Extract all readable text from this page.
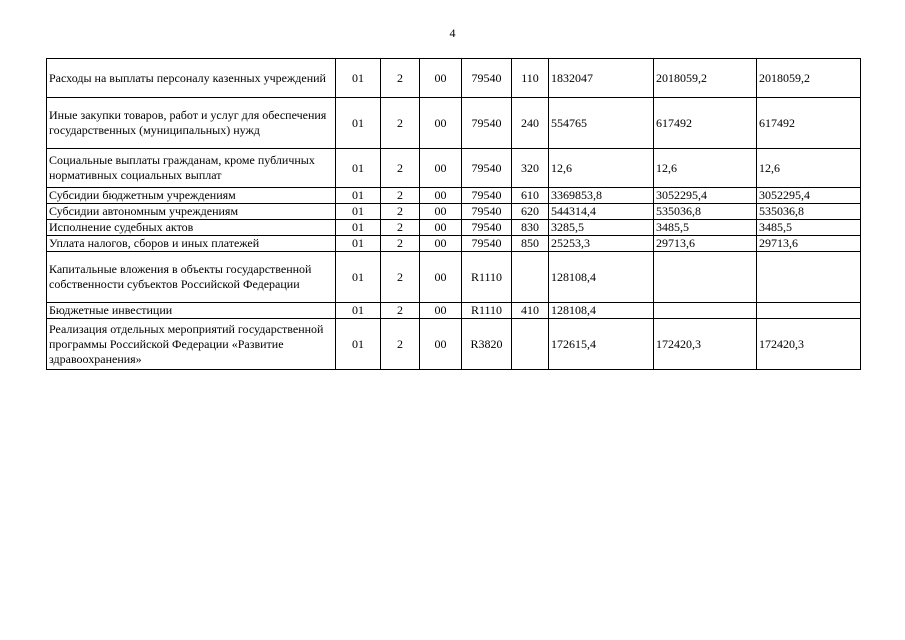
4
Расходы на выплаты персоналу казенных учреждений	01	2	00	79540	110	1832047	2018059,2	2018059,2
Иные закупки товаров, работ и услуг для обеспечения государственных (муниципальных) нужд	01	2	00	79540	240	554765	617492	617492
Социальные выплаты гражданам, кроме публичных нормативных социальных выплат	01	2	00	79540	320	12,6	12,6	12,6
Субсидии бюджетным учреждениям	01	2	00	79540	610	3369853,8	3052295,4	3052295,4
Субсидии автономным учреждениям	01	2	00	79540	620	544314,4	535036,8	535036,8
Исполнение судебных актов	01	2	00	79540	830	3285,5	3485,5	3485,5
Уплата налогов, сборов и иных платежей	01	2	00	79540	850	25253,3	29713,6	29713,6
Капитальные вложения в объекты государственной собственности субъектов Российской Федерации	01	2	00	R1110		128108,4		
Бюджетные инвестиции	01	2	00	R1110	410	128108,4		
Реализация отдельных мероприятий государственной программы Российской Федерации «Развитие здравоохранения»	01	2	00	R3820		172615,4	172420,3	172420,3
